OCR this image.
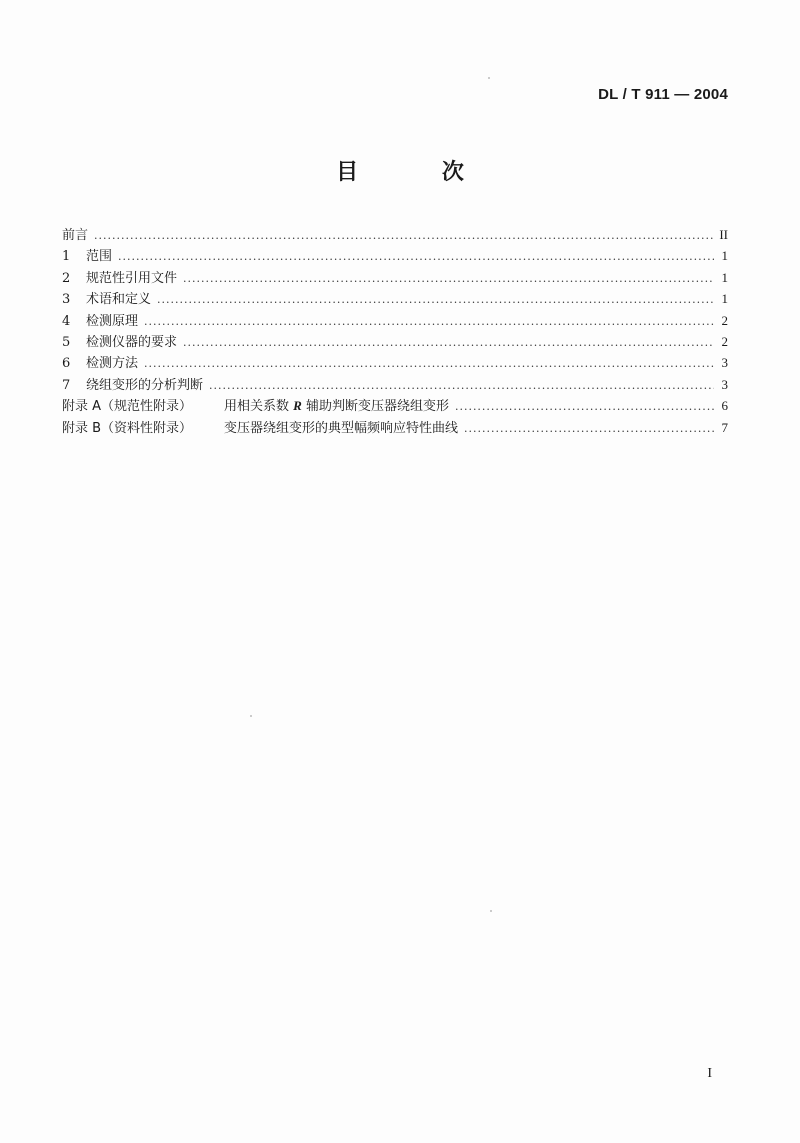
DL / T 911 — 2004
目 次
前言 .....	II
1	范围 .....	1
2	规范性引用文件 .....	1
3	术语和定义 .....	1
4	检测原理 .....	2
5	检测仪器的要求 .....	2
6	检测方法 .....	3
7	绕组变形的分析判断 .....	3
附录 A（规范性附录）	用相关系数 R 辅助判断变压器绕组变形 .....	6
附录 B（资料性附录）	变压器绕组变形的典型幅频响应特性曲线 .....	7
I
